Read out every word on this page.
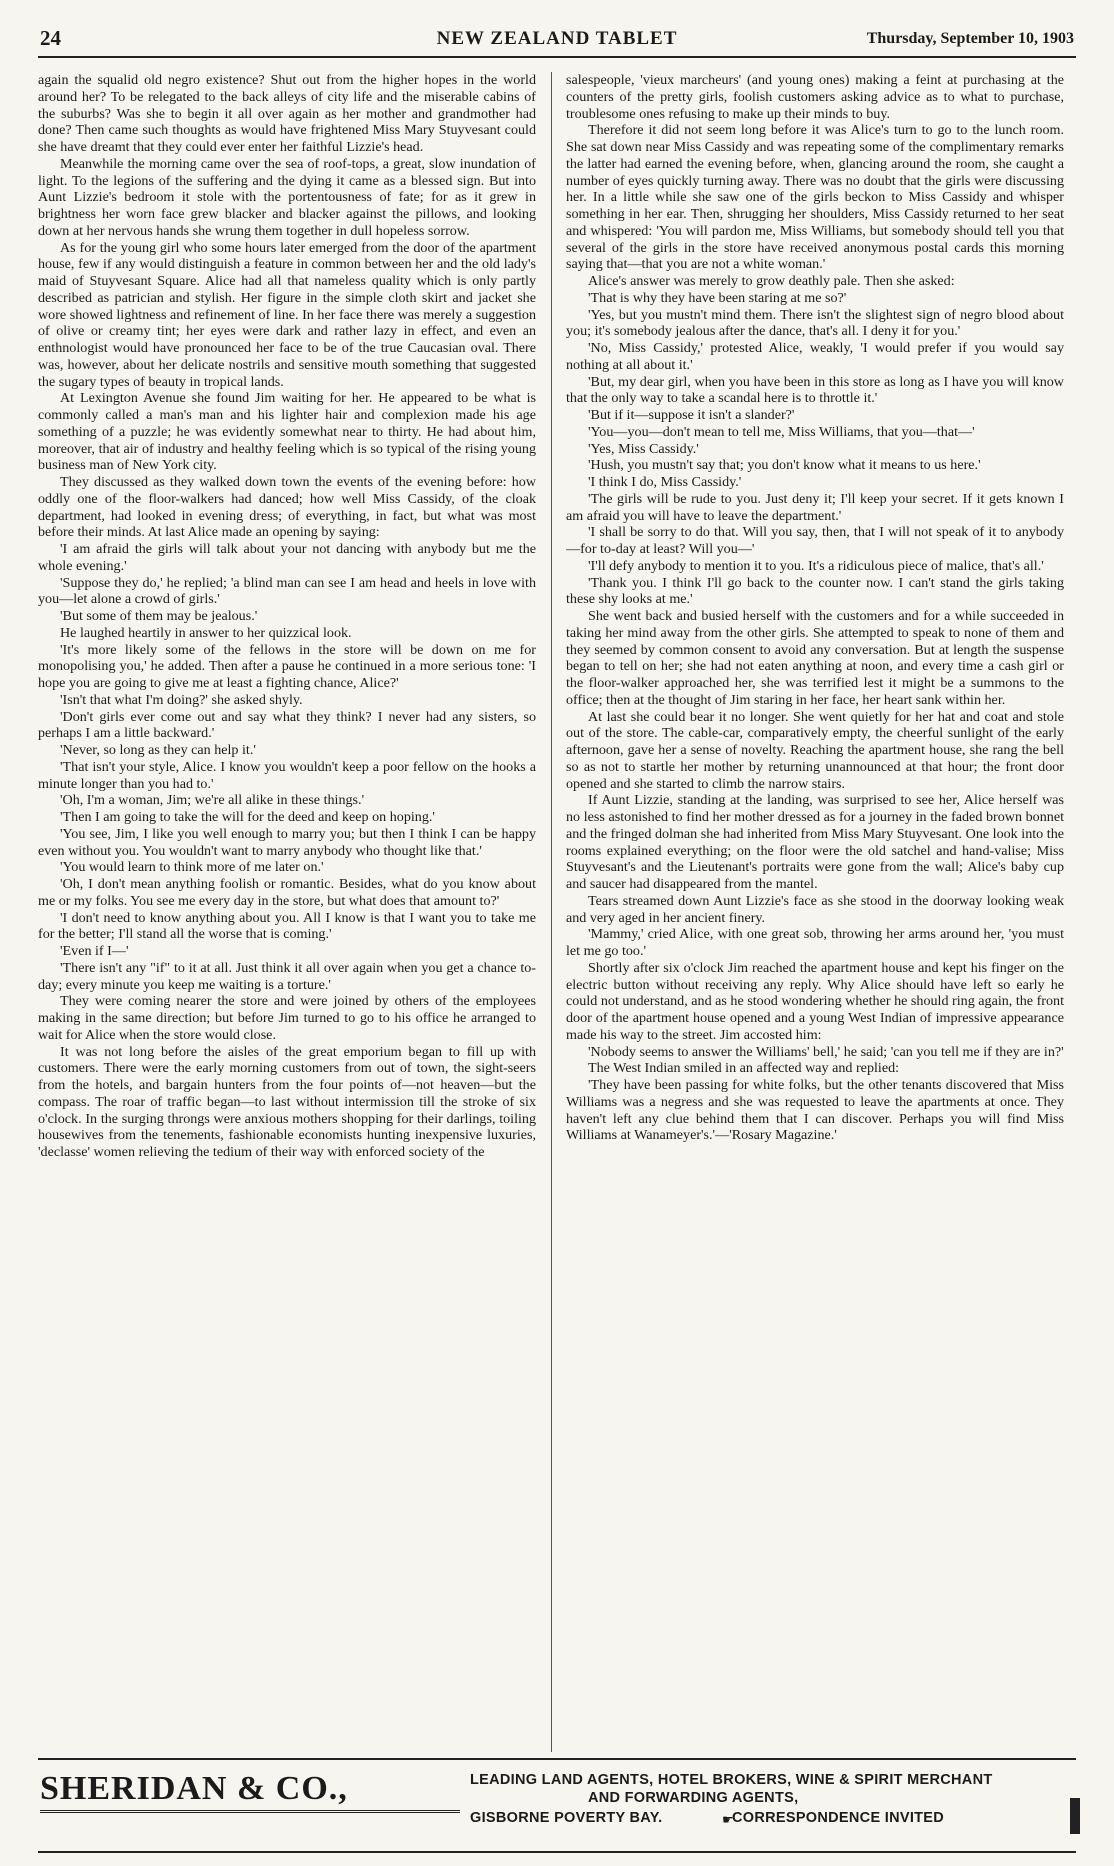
24	NEW ZEALAND TABLET	Thursday, September 10, 1903

again the squalid old negro existence? Shut out from the higher hopes in the world around her? To be relegated to the back alleys of city life and the miserable cabins of the suburbs? Was she to begin it all over again as her mother and grandmother had done? Then came such thoughts as would have frightened Miss Mary Stuyvesant could she have dreamt that they could ever enter her faithful Lizzie's head.

Meanwhile the morning came over the sea of roof-tops, a great, slow inundation of light. To the legions of the suffering and the dying it came as a blessed sign. But into Aunt Lizzie's bedroom it stole with the portentousness of fate; for as it grew in brightness her worn face grew blacker and blacker against the pillows, and looking down at her nervous hands she wrung them together in dull hopeless sorrow.

As for the young girl who some hours later emerged from the door of the apartment house, few if any would distinguish a feature in common between her and the old lady's maid of Stuyvesant Square. Alice had all that nameless quality which is only partly described as patrician and stylish. Her figure in the simple cloth skirt and jacket she wore showed lightness and refinement of line. In her face there was merely a suggestion of olive or creamy tint; her eyes were dark and rather lazy in effect, and even an enthnologist would have pronounced her face to be of the true Caucasian oval. There was, however, about her delicate nostrils and sensitive mouth something that suggested the sugary types of beauty in tropical lands.

At Lexington Avenue she found Jim waiting for her. He appeared to be what is commonly called a man's man and his lighter hair and complexion made his age something of a puzzle; he was evidently somewhat near to thirty. He had about him, moreover, that air of industry and healthy feeling which is so typical of the rising young business man of New York city.

They discussed as they walked down town the events of the evening before: how oddly one of the floor-walkers had danced; how well Miss Cassidy, of the cloak department, had looked in evening dress; of everything, in fact, but what was most before their minds. At last Alice made an opening by saying:

'I am afraid the girls will talk about your not dancing with anybody but me the whole evening.'

'Suppose they do,' he replied; 'a blind man can see I am head and heels in love with you—let alone a crowd of girls.'

'But some of them may be jealous.'

He laughed heartily in answer to her quizzical look.

'It's more likely some of the fellows in the store will be down on me for monopolising you,' he added. Then after a pause he continued in a more serious tone: 'I hope you are going to give me at least a fighting chance, Alice?'

'Isn't that what I'm doing?' she asked shyly.

'Don't girls ever come out and say what they think? I never had any sisters, so perhaps I am a little backward.'

'Never, so long as they can help it.'

'That isn't your style, Alice. I know you wouldn't keep a poor fellow on the hooks a minute longer than you had to.'

'Oh, I'm a woman, Jim; we're all alike in these things.'

'Then I am going to take the will for the deed and keep on hoping.'

'You see, Jim, I like you well enough to marry you; but then I think I can be happy even without you. You wouldn't want to marry anybody who thought like that.'

'You would learn to think more of me later on.'

'Oh, I don't mean anything foolish or romantic. Besides, what do you know about me or my folks. You see me every day in the store, but what does that amount to?'

'I don't need to know anything about you. All I know is that I want you to take me for the better; I'll stand all the worse that is coming.'

'Even if I—'

'There isn't any "if" to it at all. Just think it all over again when you get a chance to-day; every minute you keep me waiting is a torture.'

They were coming nearer the store and were joined by others of the employees making in the same direction; but before Jim turned to go to his office he arranged to wait for Alice when the store would close.

It was not long before the aisles of the great emporium began to fill up with customers. There were the early morning customers from out of town, the sight-seers from the hotels, and bargain hunters from the four points of—not heaven—but the compass. The roar of traffic began—to last without intermission till the stroke of six o'clock. In the surging throngs were anxious mothers shopping for their darlings, toiling housewives from the tenements, fashionable economists hunting inexpensive luxuries, 'declasse' women relieving the tedium of their way with enforced society of the

salespeople, 'vieux marcheurs' (and young ones) making a feint at purchasing at the counters of the pretty girls, foolish customers asking advice as to what to purchase, troublesome ones refusing to make up their minds to buy.

Therefore it did not seem long before it was Alice's turn to go to the lunch room. She sat down near Miss Cassidy and was repeating some of the complimentary remarks the latter had earned the evening before, when, glancing around the room, she caught a number of eyes quickly turning away. There was no doubt that the girls were discussing her. In a little while she saw one of the girls beckon to Miss Cassidy and whisper something in her ear. Then, shrugging her shoulders, Miss Cassidy returned to her seat and whispered: 'You will pardon me, Miss Williams, but somebody should tell you that several of the girls in the store have received anonymous postal cards this morning saying that—that you are not a white woman.'

Alice's answer was merely to grow deathly pale. Then she asked:

'That is why they have been staring at me so?'

'Yes, but you mustn't mind them. There isn't the slightest sign of negro blood about you; it's somebody jealous after the dance, that's all. I deny it for you.'

'No, Miss Cassidy,' protested Alice, weakly, 'I would prefer if you would say nothing at all about it.'

'But, my dear girl, when you have been in this store as long as I have you will know that the only way to take a scandal here is to throttle it.'

'But if it—suppose it isn't a slander?'

'You—you—don't mean to tell me, Miss Williams, that you—that—'

'Yes, Miss Cassidy.'

'Hush, you mustn't say that; you don't know what it means to us here.'

'I think I do, Miss Cassidy.'

'The girls will be rude to you. Just deny it; I'll keep your secret. If it gets known I am afraid you will have to leave the department.'

'I shall be sorry to do that. Will you say, then, that I will not speak of it to anybody—for to-day at least? Will you—'

'I'll defy anybody to mention it to you. It's a ridiculous piece of malice, that's all.'

'Thank you. I think I'll go back to the counter now. I can't stand the girls taking these shy looks at me.'

She went back and busied herself with the customers and for a while succeeded in taking her mind away from the other girls. She attempted to speak to none of them and they seemed by common consent to avoid any conversation. But at length the suspense began to tell on her; she had not eaten anything at noon, and every time a cash girl or the floor-walker approached her, she was terrified lest it might be a summons to the office; then at the thought of Jim staring in her face, her heart sank within her.

At last she could bear it no longer. She went quietly for her hat and coat and stole out of the store. The cable-car, comparatively empty, the cheerful sunlight of the early afternoon, gave her a sense of novelty. Reaching the apartment house, she rang the bell so as not to startle her mother by returning unannounced at that hour; the front door opened and she started to climb the narrow stairs.

If Aunt Lizzie, standing at the landing, was surprised to see her, Alice herself was no less astonished to find her mother dressed as for a journey in the faded brown bonnet and the fringed dolman she had inherited from Miss Mary Stuyvesant. One look into the rooms explained everything; on the floor were the old satchel and hand-valise; Miss Stuyvesant's and the Lieutenant's portraits were gone from the wall; Alice's baby cup and saucer had disappeared from the mantel.

Tears streamed down Aunt Lizzie's face as she stood in the doorway looking weak and very aged in her ancient finery.

'Mammy,' cried Alice, with one great sob, throwing her arms around her, 'you must let me go too.'

Shortly after six o'clock Jim reached the apartment house and kept his finger on the electric button without receiving any reply. Why Alice should have left so early he could not understand, and as he stood wondering whether he should ring again, the front door of the apartment house opened and a young West Indian of impressive appearance made his way to the street. Jim accosted him:

'Nobody seems to answer the Williams' bell,' he said; 'can you tell me if they are in?'

The West Indian smiled in an affected way and replied:

'They have been passing for white folks, but the other tenants discovered that Miss Williams was a negress and she was requested to leave the apartments at once. They haven't left any clue behind them that I can discover. Perhaps you will find Miss Williams at Wanameyer's.'—'Rosary Magazine.'

SHERIDAN & CO.,	LEADING LAND AGENTS, HOTEL BROKERS, WINE & SPIRIT MERCHANT
AND FORWARDING AGENTS,
GISBORNE POVERTY BAY.	☛
CORRESPONDENCE INVITED
